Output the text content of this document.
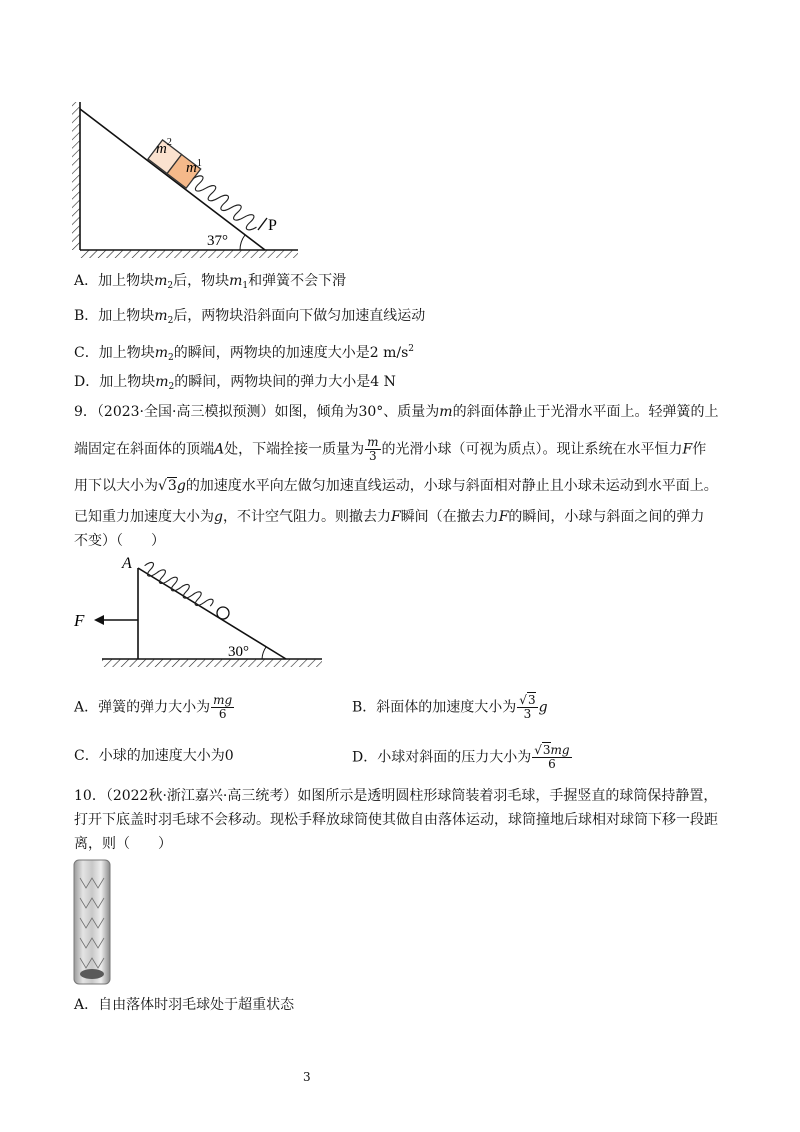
$m^2$
$m^1$
P
37°
A．加上物块$m_2$后，物块$m_1$和弹簧不会下滑
B．加上物块$m_2$后，两物块沿斜面向下做匀加速直线运动
C．加上物块$m_2$的瞬间，两物块的加速度大小是2 $m/s^2$
D．加上物块$m_2$的瞬间，两物块间的弹力大小是4 N
9．（2023·全国·高三模拟预测）如图，倾角为30°、质量为m的斜面体静止于光滑水平面上。轻弹簧的上
端固定在斜面体的顶端A处，下端拴接一质量为 $\frac{m}{3}$ 的光滑小球（可视为质点）。现让系统在水平恒力F作
用下以大小为√3g的加速度水平向左做匀加速直线运动，小球与斜面相对静止且小球未运动到水平面上。
已知重力加速度大小为g，不计空气阻力。则撤去力F瞬间（在撤去力F的瞬间，小球与斜面之间的弹力
不变）（　　）
A
F
30°
A．弹簧的弹力大小为 $\frac{mg}{6}$	B．斜面体的加速度大小为 $\frac{√3}{3}$ g
C．小球的加速度大小为0	D．小球对斜面的压力大小为 $\frac{√3mg}{6}$
10．（2022秋·浙江嘉兴·高三统考）如图所示是透明圆柱形球筒装着羽毛球，手握竖直的球筒保持静置，
打开下底盖时羽毛球不会移动。现松手释放球筒使其做自由落体运动，球筒撞地后球相对球筒下移一段距
离，则（　　）
A．自由落体时羽毛球处于超重状态
3
